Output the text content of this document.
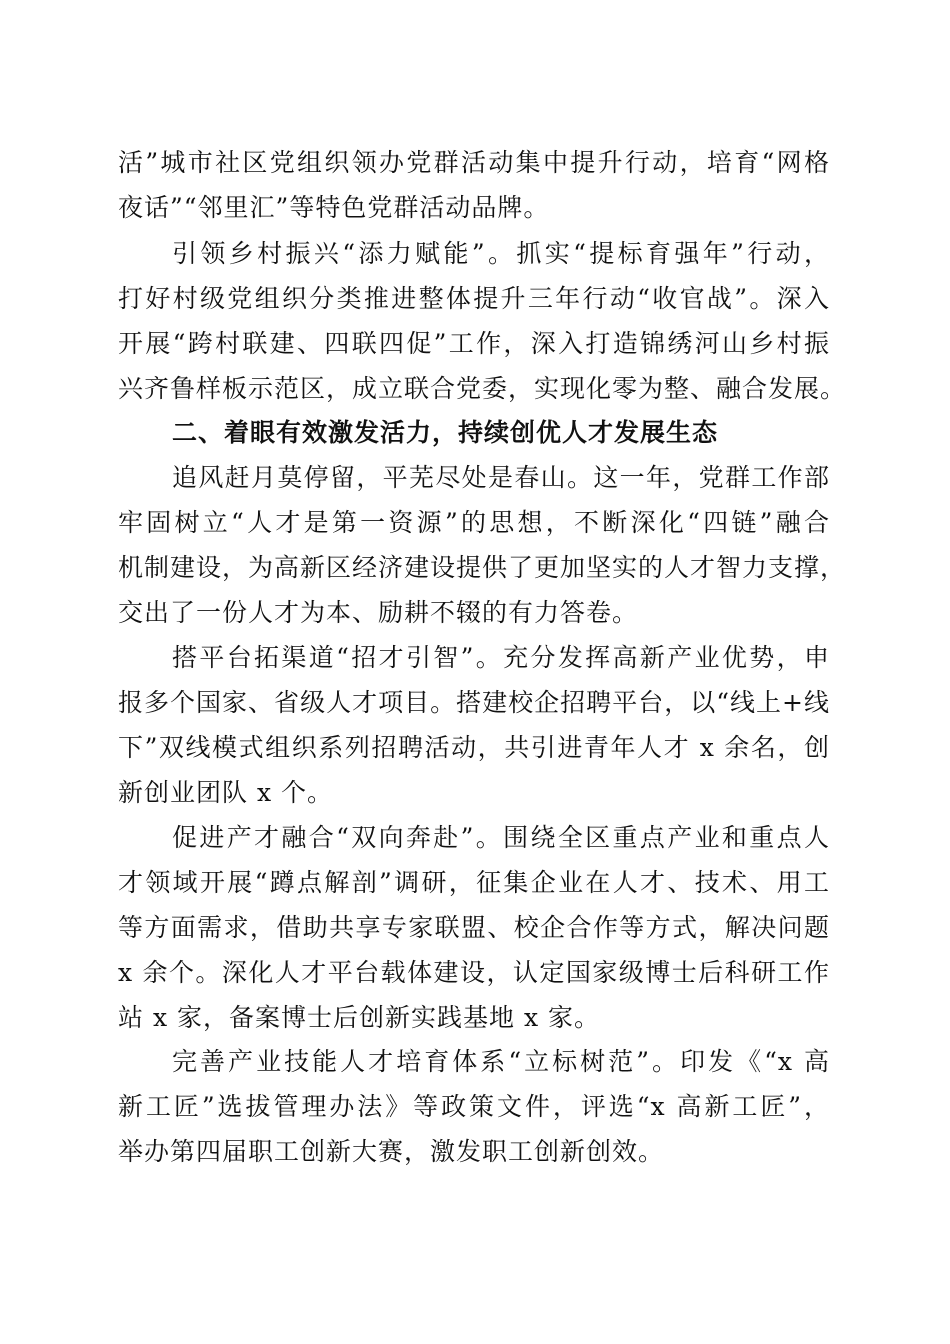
活”城市社区党组织领办党群活动集中提升行动，培育“网格
夜话”“邻里汇”等特色党群活动品牌。
引领乡村振兴“添力赋能”。抓实“提标育强年”行动，
打好村级党组织分类推进整体提升三年行动“收官战”。深入
开展“跨村联建、四联四促”工作，深入打造锦绣河山乡村振
兴齐鲁样板示范区，成立联合党委，实现化零为整、融合发展。
二、着眼有效激发活力，持续创优人才发展生态
追风赶月莫停留，平芜尽处是春山。这一年，党群工作部
牢固树立“人才是第一资源”的思想，不断深化“四链”融合
机制建设，为高新区经济建设提供了更加坚实的人才智力支撑，
交出了一份人才为本、励耕不辍的有力答卷。
搭平台拓渠道“招才引智”。充分发挥高新产业优势，申
报多个国家、省级人才项目。搭建校企招聘平台，以“线上+线
下”双线模式组织系列招聘活动，共引进青年人才 x 余名，创
新创业团队 x 个。
促进产才融合“双向奔赴”。围绕全区重点产业和重点人
才领域开展“蹲点解剖”调研，征集企业在人才、技术、用工
等方面需求，借助共享专家联盟、校企合作等方式，解决问题
x 余个。深化人才平台载体建设，认定国家级博士后科研工作
站 x 家，备案博士后创新实践基地 x 家。
完善产业技能人才培育体系“立标树范”。印发《“x 高
新工匠”选拔管理办法》等政策文件，评选“x 高新工匠”，
举办第四届职工创新大赛，激发职工创新创效。
